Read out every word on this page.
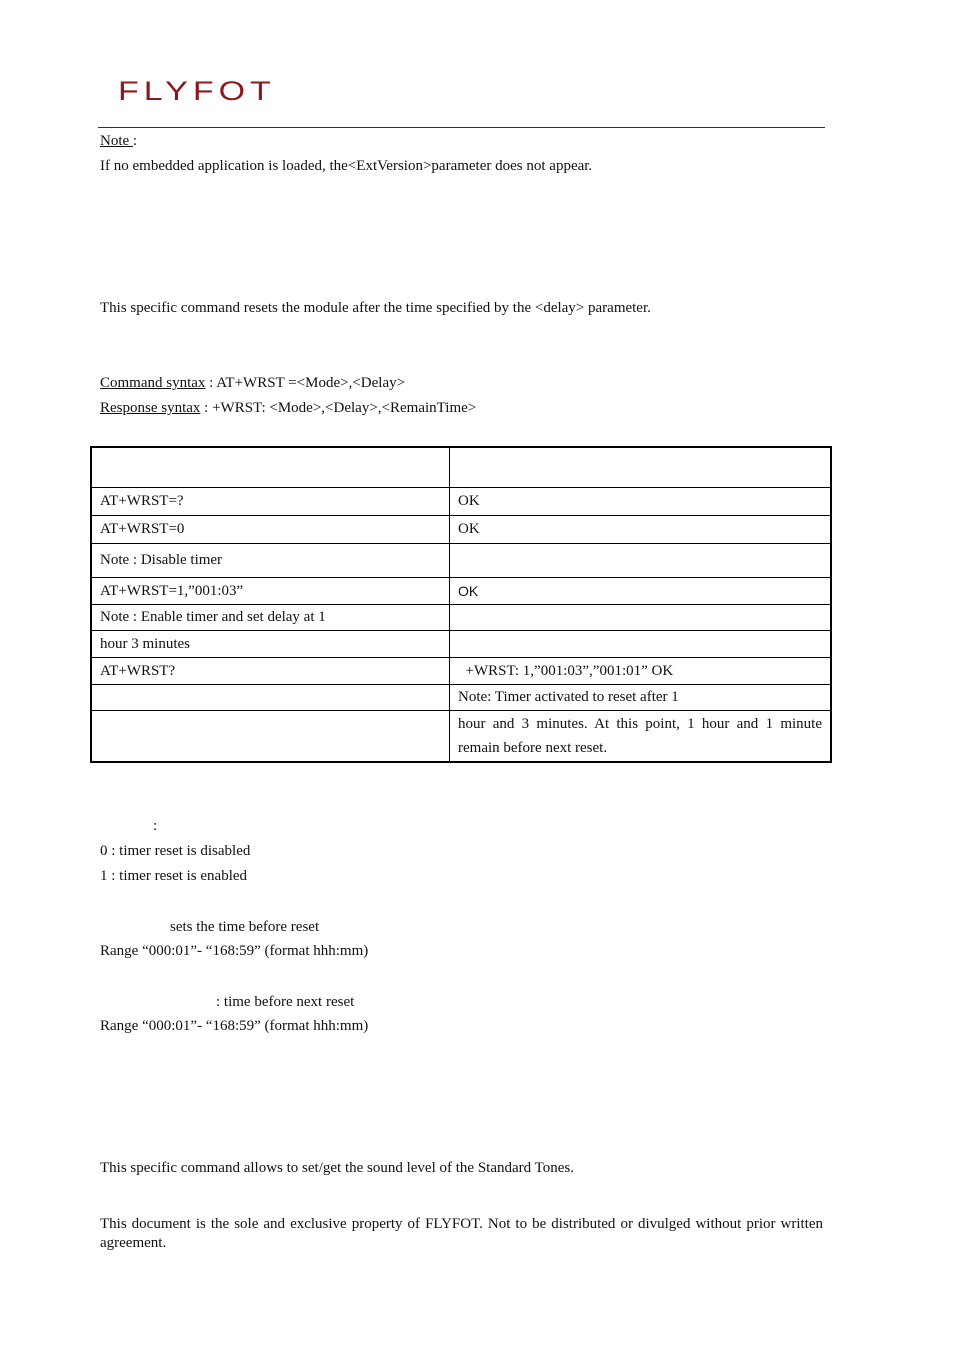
FLYFOT
Note :
If no embedded application is loaded, the<ExtVersion>parameter does not appear.
This specific command resets the module after the time specified by the <delay> parameter.
Command syntax : AT+WRST =<Mode>,<Delay>
Response syntax : +WRST: <Mode>,<Delay>,<RemainTime>

AT+WRST=?	OK
AT+WRST=0	OK
Note : Disable timer	
AT+WRST=1,”001:03”	OK
Note : Enable timer and set delay at 1	
hour 3 minutes	
AT+WRST?	+WRST: 1,”001:03”,”001:01” OK
	Note: Timer activated to reset after 1
	hour and 3 minutes. At this point, 1 hour and 1 minute remain before next reset.
:
0 : timer reset is disabled
1 : timer reset is enabled
sets the time before reset
Range “000:01”- “168:59” (format hhh:mm)
: time before next reset
Range “000:01”- “168:59” (format hhh:mm)
This specific command allows to set/get the sound level of the Standard Tones.
This document is the sole and exclusive property of FLYFOT. Not to be distributed or divulged without prior written agreement.
